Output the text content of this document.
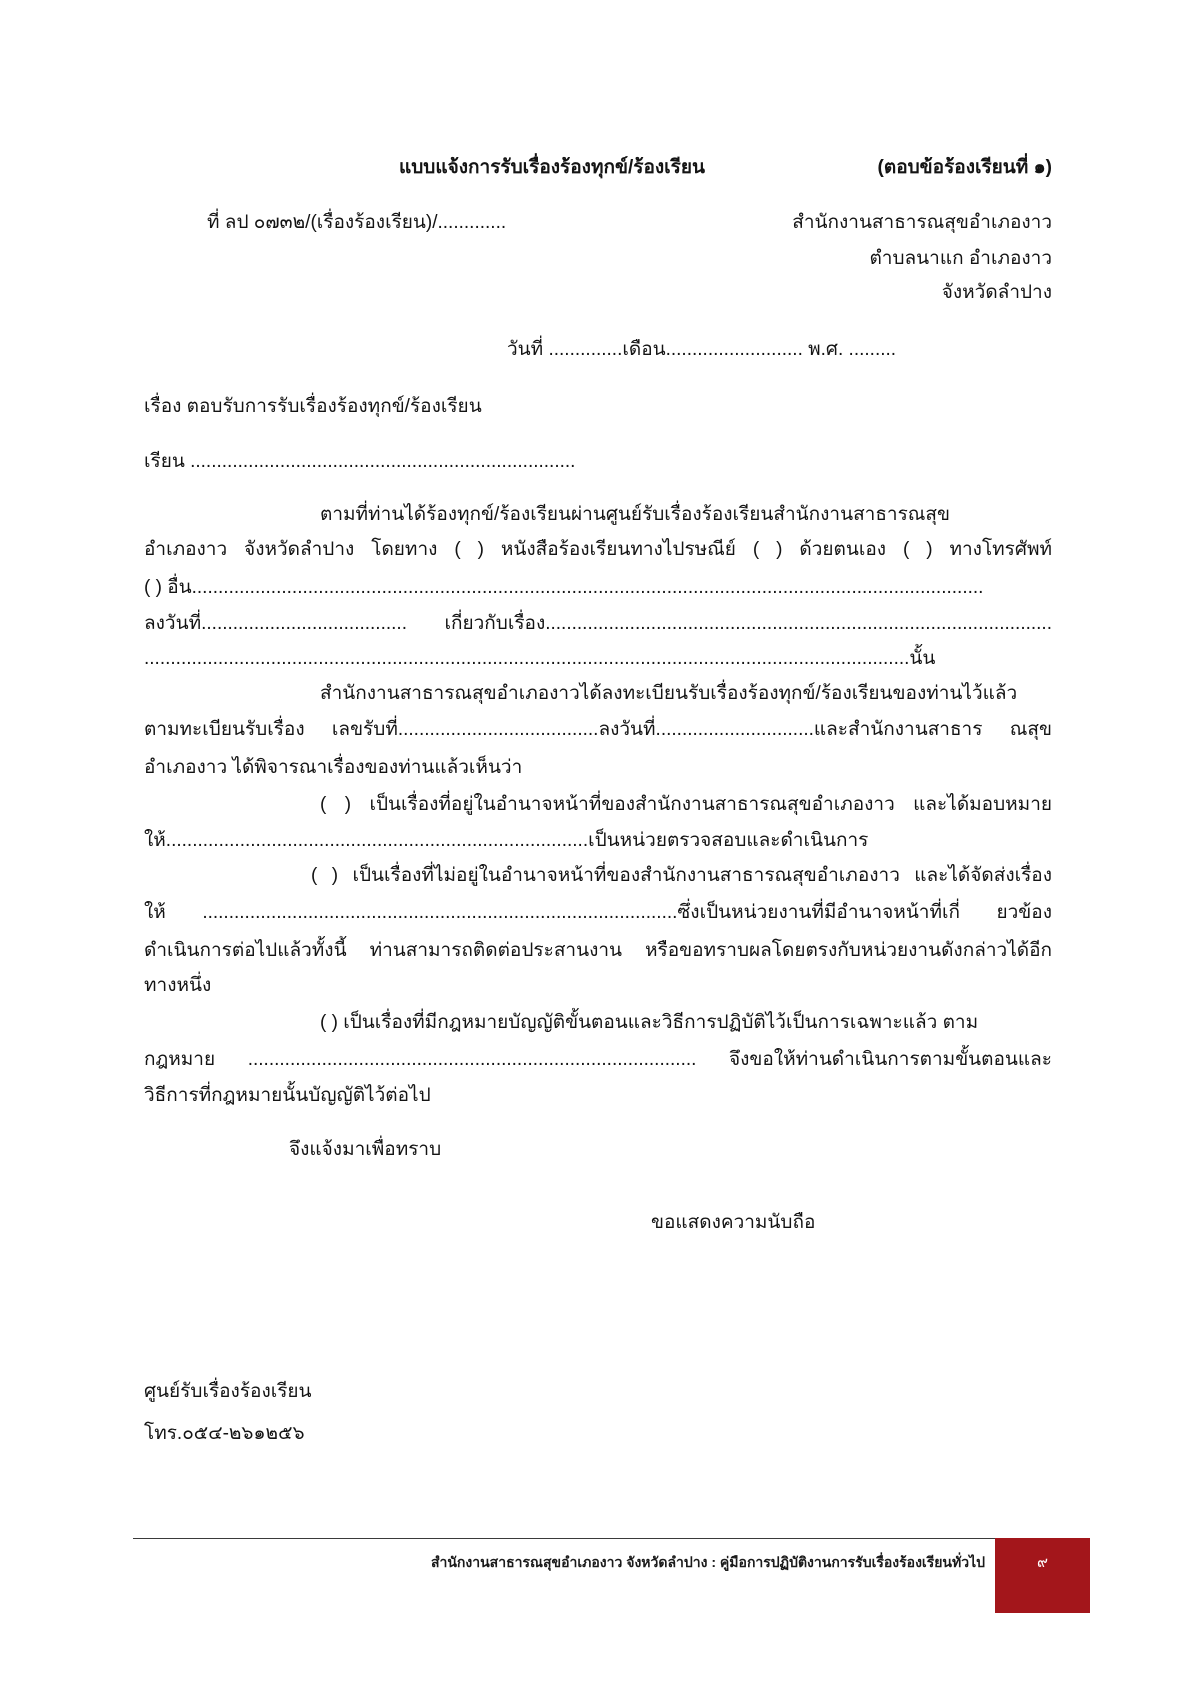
แบบแจ้งการรับเรื่องร้องทุกข์/ร้องเรียน	(ตอบข้อร้องเรียนที่ ๑)
ที่ ลป ๐๗๓๒/(เรื่องร้องเรียน)/.............	สำนักงานสาธารณสุขอำเภองาว
ตำบลนาแก อำเภองาว
จังหวัดลำปาง
วันที่ ..............เดือน.......................... พ.ศ. .........
เรื่อง ตอบรับการรับเรื่องร้องทุกข์/ร้องเรียน
เรียน .........................................................................
ตามที่ท่านได้ร้องทุกข์/ร้องเรียนผ่านศูนย์รับเรื่องร้องเรียนสำนักงานสาธารณสุข
อำเภองาว จังหวัดลำปาง โดยทาง ( ) หนังสือร้องเรียนทางไปรษณีย์ ( ) ด้วยตนเอง ( ) ทางโทรศัพท์
( ) อื่น......................................................................................................................................................
ลงวันที่....................................... เกี่ยวกับเรื่อง................................................................................................
.................................................................................................................................................นั้น
สำนักงานสาธารณสุขอำเภองาวได้ลงทะเบียนรับเรื่องร้องทุกข์/ร้องเรียนของท่านไว้แล้ว
ตามทะเบียนรับเรื่อง เลขรับที่......................................ลงวันที่..............................และสำนักงานสาธาร ณสุข
อำเภองาว ได้พิจารณาเรื่องของท่านแล้วเห็นว่า
( ) เป็นเรื่องที่อยู่ในอำนาจหน้าที่ของสำนักงานสาธารณสุขอำเภองาว และได้มอบหมาย
ให้................................................................................เป็นหน่วยตรวจสอบและดำเนินการ
( ) เป็นเรื่องที่ไม่อยู่ในอำนาจหน้าที่ของสำนักงานสาธารณสุขอำเภองาว และได้จัดส่งเรื่อง
ให้ ..........................................................................................ซึ่งเป็นหน่วยงานที่มีอำนาจหน้าที่เกี่ ยวข้อง
ดำเนินการต่อไปแล้วทั้งนี้ ท่านสามารถติดต่อประสานงาน หรือขอทราบผลโดยตรงกับหน่วยงานดังกล่าวได้อีก
ทางหนึ่ง
( ) เป็นเรื่องที่มีกฎหมายบัญญัติขั้นตอนและวิธีการปฏิบัติไว้เป็นการเฉพาะแล้ว ตาม
กฎหมาย ..................................................................................... จึงขอให้ท่านดำเนินการตามขั้นตอนและ
วิธีการที่กฎหมายนั้นบัญญัติไว้ต่อไป
จึงแจ้งมาเพื่อทราบ
ขอแสดงความนับถือ
ศูนย์รับเรื่องร้องเรียน
โทร.๐๕๔-๒๖๑๒๕๖
สำนักงานสาธารณสุขอำเภองาว จังหวัดลำปาง : คู่มือการปฏิบัติงานการรับเรื่องร้องเรียนทั่วไป	๙
